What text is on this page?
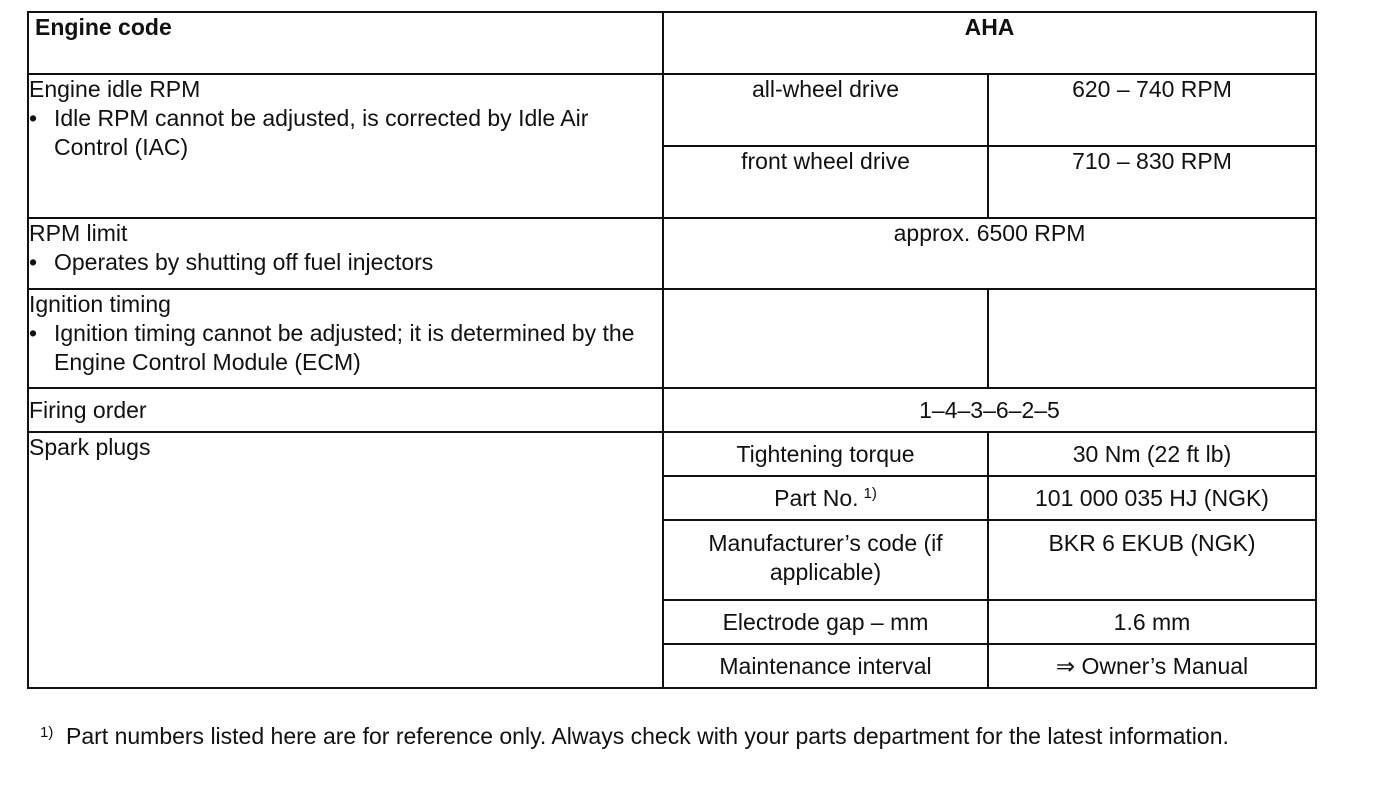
Engine code	AHA	

Engine idle RPM
• Idle RPM cannot be adjusted, is corrected by Idle Air Control (IAC)	all-wheel drive	620 – 740 RPM
	front wheel drive	710 – 830 RPM

RPM limit
• Operates by shutting off fuel injectors	approx. 6500 RPM	

Ignition timing
• Ignition timing cannot be adjusted; it is determined by the Engine Control Module (ECM)		

Firing order	1–4–3–6–2–5	
Spark plugs	Tightening torque	30 Nm (22 ft lb)
	Part No. $^{1)}$	101 000 035 HJ (NGK)

	Manufacturer’s code (if applicable)	BKR 6 EKUB (NGK)
	Electrode gap – mm	1.6 mm
	Maintenance interval	⇒ Owner’s Manual
1) Part numbers listed here are for reference only. Always check with your parts department for the latest information.
